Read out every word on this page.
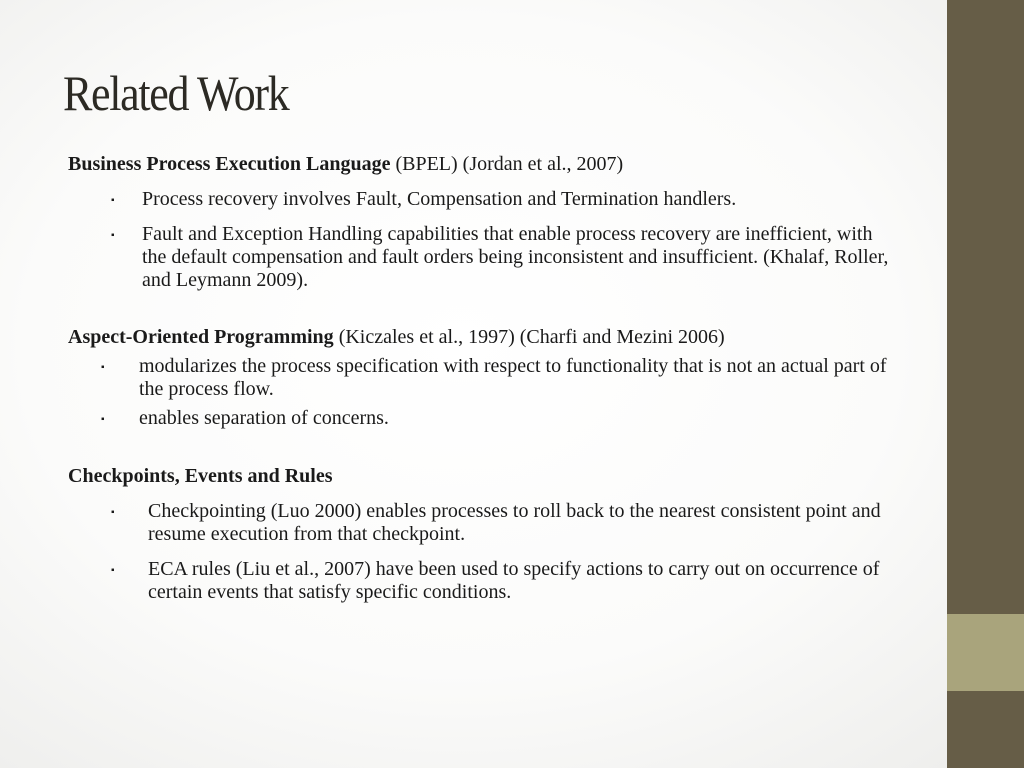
Related Work

Business Process Execution Language (BPEL) (Jordan et al., 2007)

▪ Process recovery involves Fault, Compensation and Termination handlers.
▪ Fault and Exception Handling capabilities that enable process recovery are inefficient, with the default compensation and fault orders being inconsistent and insufficient. (Khalaf, Roller, and Leymann 2009).

Aspect-Oriented Programming (Kiczales et al., 1997) (Charfi and Mezini 2006)

▪ modularizes the process specification with respect to functionality that is not an actual part of the process flow.
▪ enables separation of concerns.

Checkpoints, Events and Rules

▪ Checkpointing (Luo 2000) enables processes to roll back to the nearest consistent point and resume execution from that checkpoint.
▪ ECA rules (Liu et al., 2007) have been used to specify actions to carry out on occurrence of certain events that satisfy specific conditions.
